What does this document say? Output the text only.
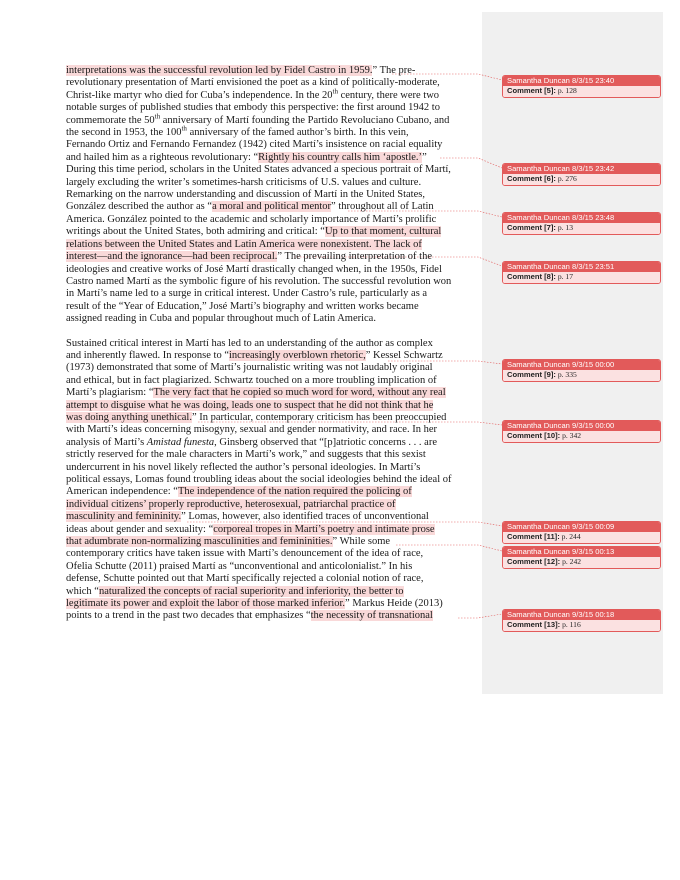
interpretations was the successful revolution led by Fidel Castro in 1959.” The pre-
revolutionary presentation of Martí envisioned the poet as a kind of politically-moderate,
Christ-like martyr who died for Cuba’s independence. In the 20th century, there were two
notable surges of published studies that embody this perspective: the first around 1942 to
commemorate the 50th anniversary of Martí founding the Partido Revoluciano Cubano, and
the second in 1953, the 100th anniversary of the famed author’s birth. In this vein,
Fernando Ortiz and Fernando Fernandez (1942) cited Martí’s insistence on racial equality
and hailed him as a righteous revolutionary: “Rightly his country calls him ‘apostle.’”
During this time period, scholars in the United States advanced a specious portrait of Martí,
largely excluding the writer’s sometimes-harsh criticisms of U.S. values and culture.
Remarking on the narrow understanding and discussion of Martí in the United States,
González described the author as “a moral and political mentor” throughout all of Latin
America. González pointed to the academic and scholarly importance of Martí’s prolific
writings about the United States, both admiring and critical: “Up to that moment, cultural
relations between the United States and Latin America were nonexistent. The lack of
interest—and the ignorance—had been reciprocal.” The prevailing interpretation of the
ideologies and creative works of José Martí drastically changed when, in the 1950s, Fidel
Castro named Martí as the symbolic figure of his revolution. The successful revolution won
in Martí’s name led to a surge in critical interest. Under Castro’s rule, particularly as a
result of the “Year of Education,” José Martí’s biography and written works became
assigned reading in Cuba and popular throughout much of Latin America.

Sustained critical interest in Martí has led to an understanding of the author as complex
and inherently flawed. In response to “increasingly overblown rhetoric,” Kessel Schwartz
(1973) demonstrated that some of Martí’s journalistic writing was not laudably original
and ethical, but in fact plagiarized. Schwartz touched on a more troubling implication of
Martí’s plagiarism: “The very fact that he copied so much word for word, without any real
attempt to disguise what he was doing, leads one to suspect that he did not think that he
was doing anything unethical.” In particular, contemporary criticism has been preoccupied
with Martí’s ideas concerning misogyny, sexual and gender normativity, and race. In her
analysis of Martí’s Amistad funesta, Ginsberg observed that “[p]atriotic concerns . . . are
strictly reserved for the male characters in Martí’s work,” and suggests that this sexist
undercurrent in his novel likely reflected the author’s personal ideologies. In Martí’s
political essays, Lomas found troubling ideas about the social ideologies behind the ideal of
American independence: “The independence of the nation required the policing of
individual citizens’ properly reproductive, heterosexual, patriarchal practice of
masculinity and femininity.” Lomas, however, also identified traces of unconventional
ideas about gender and sexuality: “corporeal tropes in Martí’s poetry and intimate prose
that adumbrate non-normalizing masculinities and femininities.” While some
contemporary critics have taken issue with Martí’s denouncement of the idea of race,
Ofelia Schutte (2011) praised Martí as “unconventional and anticolonialist.” In his
defense, Schutte pointed out that Martí specifically rejected a colonial notion of race,
which “naturalized the concepts of racial superiority and inferiority, the better to
legitimate its power and exploit the labor of those marked inferior.” Markus Heide (2013)
points to a trend in the past two decades that emphasizes “the necessity of transnational

Samantha Duncan 8/3/15 23:40
Comment [5]: p. 128
Samantha Duncan 8/3/15 23:42
Comment [6]: p. 276
Samantha Duncan 8/3/15 23:48
Comment [7]: p. 13
Samantha Duncan 8/3/15 23:51
Comment [8]: p. 17
Samantha Duncan 9/3/15 00:00
Comment [9]: p. 335
Samantha Duncan 9/3/15 00:00
Comment [10]: p. 342
Samantha Duncan 9/3/15 00:09
Comment [11]: p. 244
Samantha Duncan 9/3/15 00:13
Comment [12]: p. 242
Samantha Duncan 9/3/15 00:18
Comment [13]: p. 116
